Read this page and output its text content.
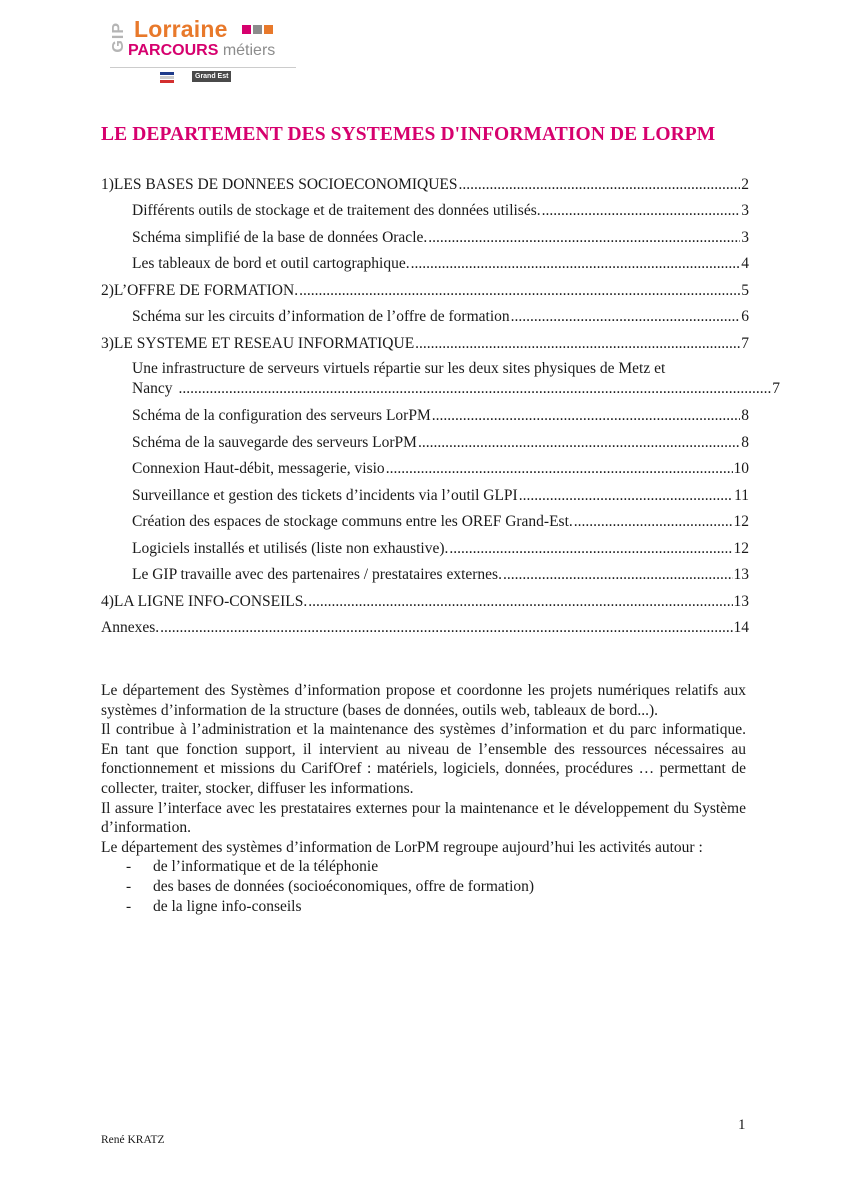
GIP Lorraine
PARCOURS métiers
Grand Est
LE DEPARTEMENT DES SYSTEMES D'INFORMATION DE LORPM
1)LES BASES DE DONNEES SOCIOECONOMIQUES .....	2
Différents outils de stockage et de traitement des données utilisés. .....	3
Schéma simplifié de la base de données Oracle. .....	3
Les tableaux de bord et outil cartographique. .....	4
2)L’OFFRE DE FORMATION. .....	5
Schéma sur les circuits d’information de l’offre de formation .....	6
3)LE SYSTEME ET RESEAU INFORMATIQUE .....	7
Une infrastructure de serveurs virtuels répartie sur les deux sites physiques de Metz et
Nancy .....	7
Schéma de la configuration des serveurs LorPM .....	8
Schéma de la sauvegarde des serveurs LorPM .....	8
Connexion Haut-débit, messagerie, visio .....	10
Surveillance et gestion des tickets d’incidents via l’outil GLPI .....	11
Création des espaces de stockage communs entre les OREF Grand-Est. .....	12
Logiciels installés et utilisés (liste non exhaustive). .....	12
Le GIP travaille avec des partenaires / prestataires externes. .....	13
4)LA LIGNE INFO-CONSEILS. .....	13
Annexes. .....	14

Le département des Systèmes d’information propose et coordonne les projets numériques relatifs aux systèmes d’information de la structure (bases de données, outils web, tableaux de bord...).

Il contribue à l’administration et la maintenance des systèmes d’information et du parc informatique. En tant que fonction support, il intervient au niveau de l’ensemble des ressources nécessaires au fonctionnement et missions du CarifOref : matériels, logiciels, données, procédures … permettant de collecter, traiter, stocker, diffuser les informations.

Il assure l’interface avec les prestataires externes pour la maintenance et le développement du Système d’information.

Le département des systèmes d’information de LorPM regroupe aujourd’hui les activités autour :

-	de l’informatique et de la téléphonie
-	des bases de données (socioéconomiques, offre de formation)
-	de la ligne info-conseils
1
René KRATZ
